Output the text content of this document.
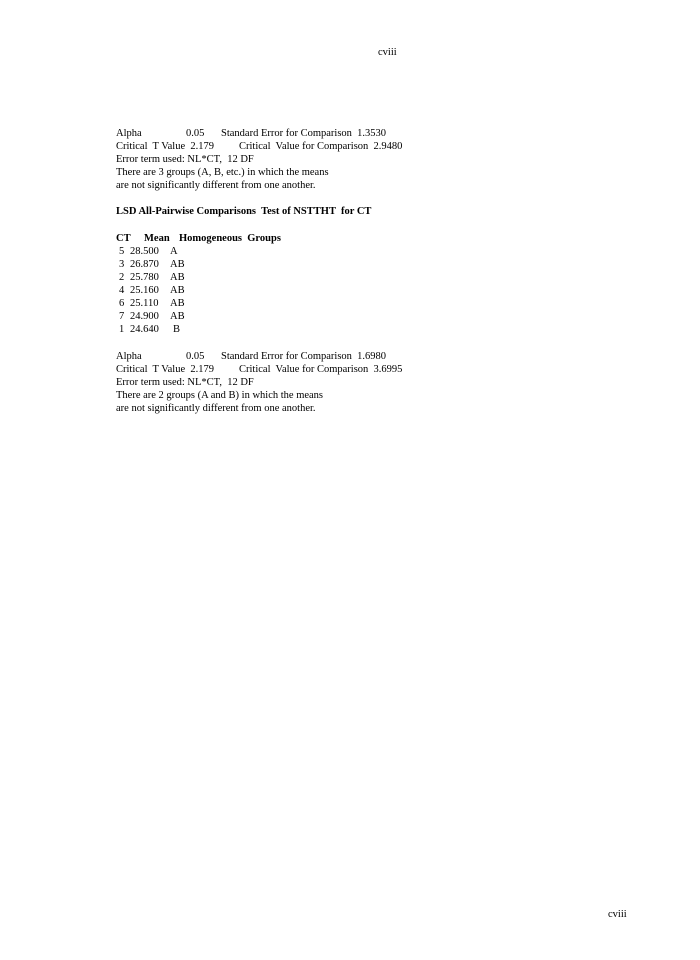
cviii
Alpha	0.05 Standard Error for Comparison  1.3530
Critical  T Value  2.179 Critical  Value for Comparison  2.9480
Error term used: NL*CT,  12 DF
There are 3 groups (A, B, etc.) in which the means
are not significantly different from one another.
LSD All-Pairwise Comparisons  Test of NSTTHT  for CT
CT Mean Homogeneous  Groups
5 28.500 A
3 26.870 AB
2 25.780 AB
4 25.160 AB
6 25.110 AB
7 24.900 AB
1 24.640 B
Alpha	0.05 Standard Error for Comparison  1.6980
Critical  T Value  2.179 Critical  Value for Comparison  3.6995
Error term used: NL*CT,  12 DF
There are 2 groups (A and B) in which the means
are not significantly different from one another.
cviii
